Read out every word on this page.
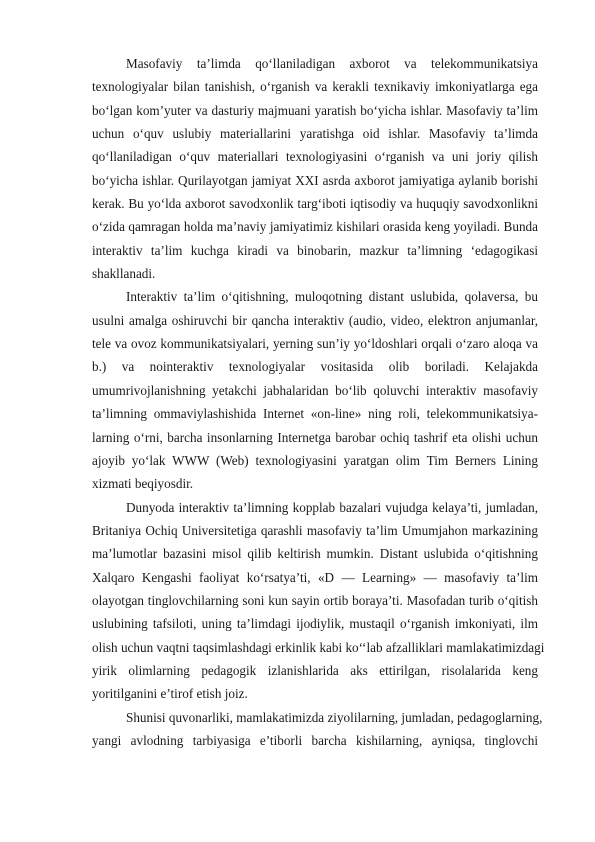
Masofaviy ta’limda qo‘llaniladigan axborot va telekommunikatsiya
texnologiyalar bilan tanishish, o‘rganish va kerakli texnikaviy imkoniyatlarga ega
bo‘lgan kom’yuter va dasturiy majmuani yaratish bo‘yicha ishlar. Masofaviy ta’lim
uchun o‘quv uslubiy materiallarini yaratishga oid ishlar. Masofaviy ta’limda
qo‘llaniladigan o‘quv materiallari texnologiyasini o‘rganish va uni joriy qilish
bo‘yicha ishlar. Qurilayotgan jamiyat XXI asrda axborot jamiyatiga aylanib borishi
kerak. Bu yo‘lda axborot savodxonlik targ‘iboti iqtisodiy va huquqiy savodxonlikni
o‘zida qamragan holda ma’naviy jamiyatimiz kishilari orasida keng yoyiladi. Bunda
interaktiv ta’lim kuchga kiradi va binobarin, mazkur ta’limning ‘edagogikasi
shakllanadi.
Interaktiv ta’lim o‘qitishning, muloqotning distant uslubida, qolaversa, bu
usulni amalga oshiruvchi bir qancha interaktiv (audio, video, elektron anjumanlar,
tele va ovoz kommunikatsiyalari, yerning sun’iy yo‘ldoshlari orqali o‘zaro aloqa va
b.) va nointeraktiv texnologiyalar vositasida olib boriladi. Kelajakda
umumrivojlanishning yetakchi jabhalaridan bo‘lib qoluvchi interaktiv masofaviy
ta’limning ommaviylashishida Internet «on-line» ning roli, telekommunikatsiya-
larning o‘rni, barcha insonlarning Internetga barobar ochiq tashrif eta olishi uchun
ajoyib yo‘lak WWW (Web) texnologiyasini yaratgan olim Tim Berners Lining
xizmati beqiyosdir.
Dunyoda interaktiv ta’limning kopplab bazalari vujudga kelaya’ti, jumladan,
Britaniya Ochiq Universitetiga qarashli masofaviy ta’lim Umumjahon markazining
ma’lumotlar bazasini misol qilib keltirish mumkin. Distant uslubida o‘qitishning
Xalqaro Kengashi faoliyat ko‘rsatya’ti, «D — Learning» — masofaviy ta’lim
olayotgan tinglovchilarning soni kun sayin ortib boraya’ti. Masofadan turib o‘qitish
uslubining tafsiloti, uning ta’limdagi ijodiylik, mustaqil o‘rganish imkoniyati, ilm
olish uchun vaqtni taqsimlashdagi erkinlik kabi ko‘‘lab afzalliklari mamlakatimizdagi
yirik olimlarning pedagogik izlanishlarida aks ettirilgan, risolalarida keng
yoritilganini e’tirof etish joiz.
Shunisi quvonarliki, mamlakatimizda ziyolilarning, jumladan, pedagoglarning,
yangi avlodning tarbiyasiga e’tiborli barcha kishilarning, ayniqsa, tinglovchi
